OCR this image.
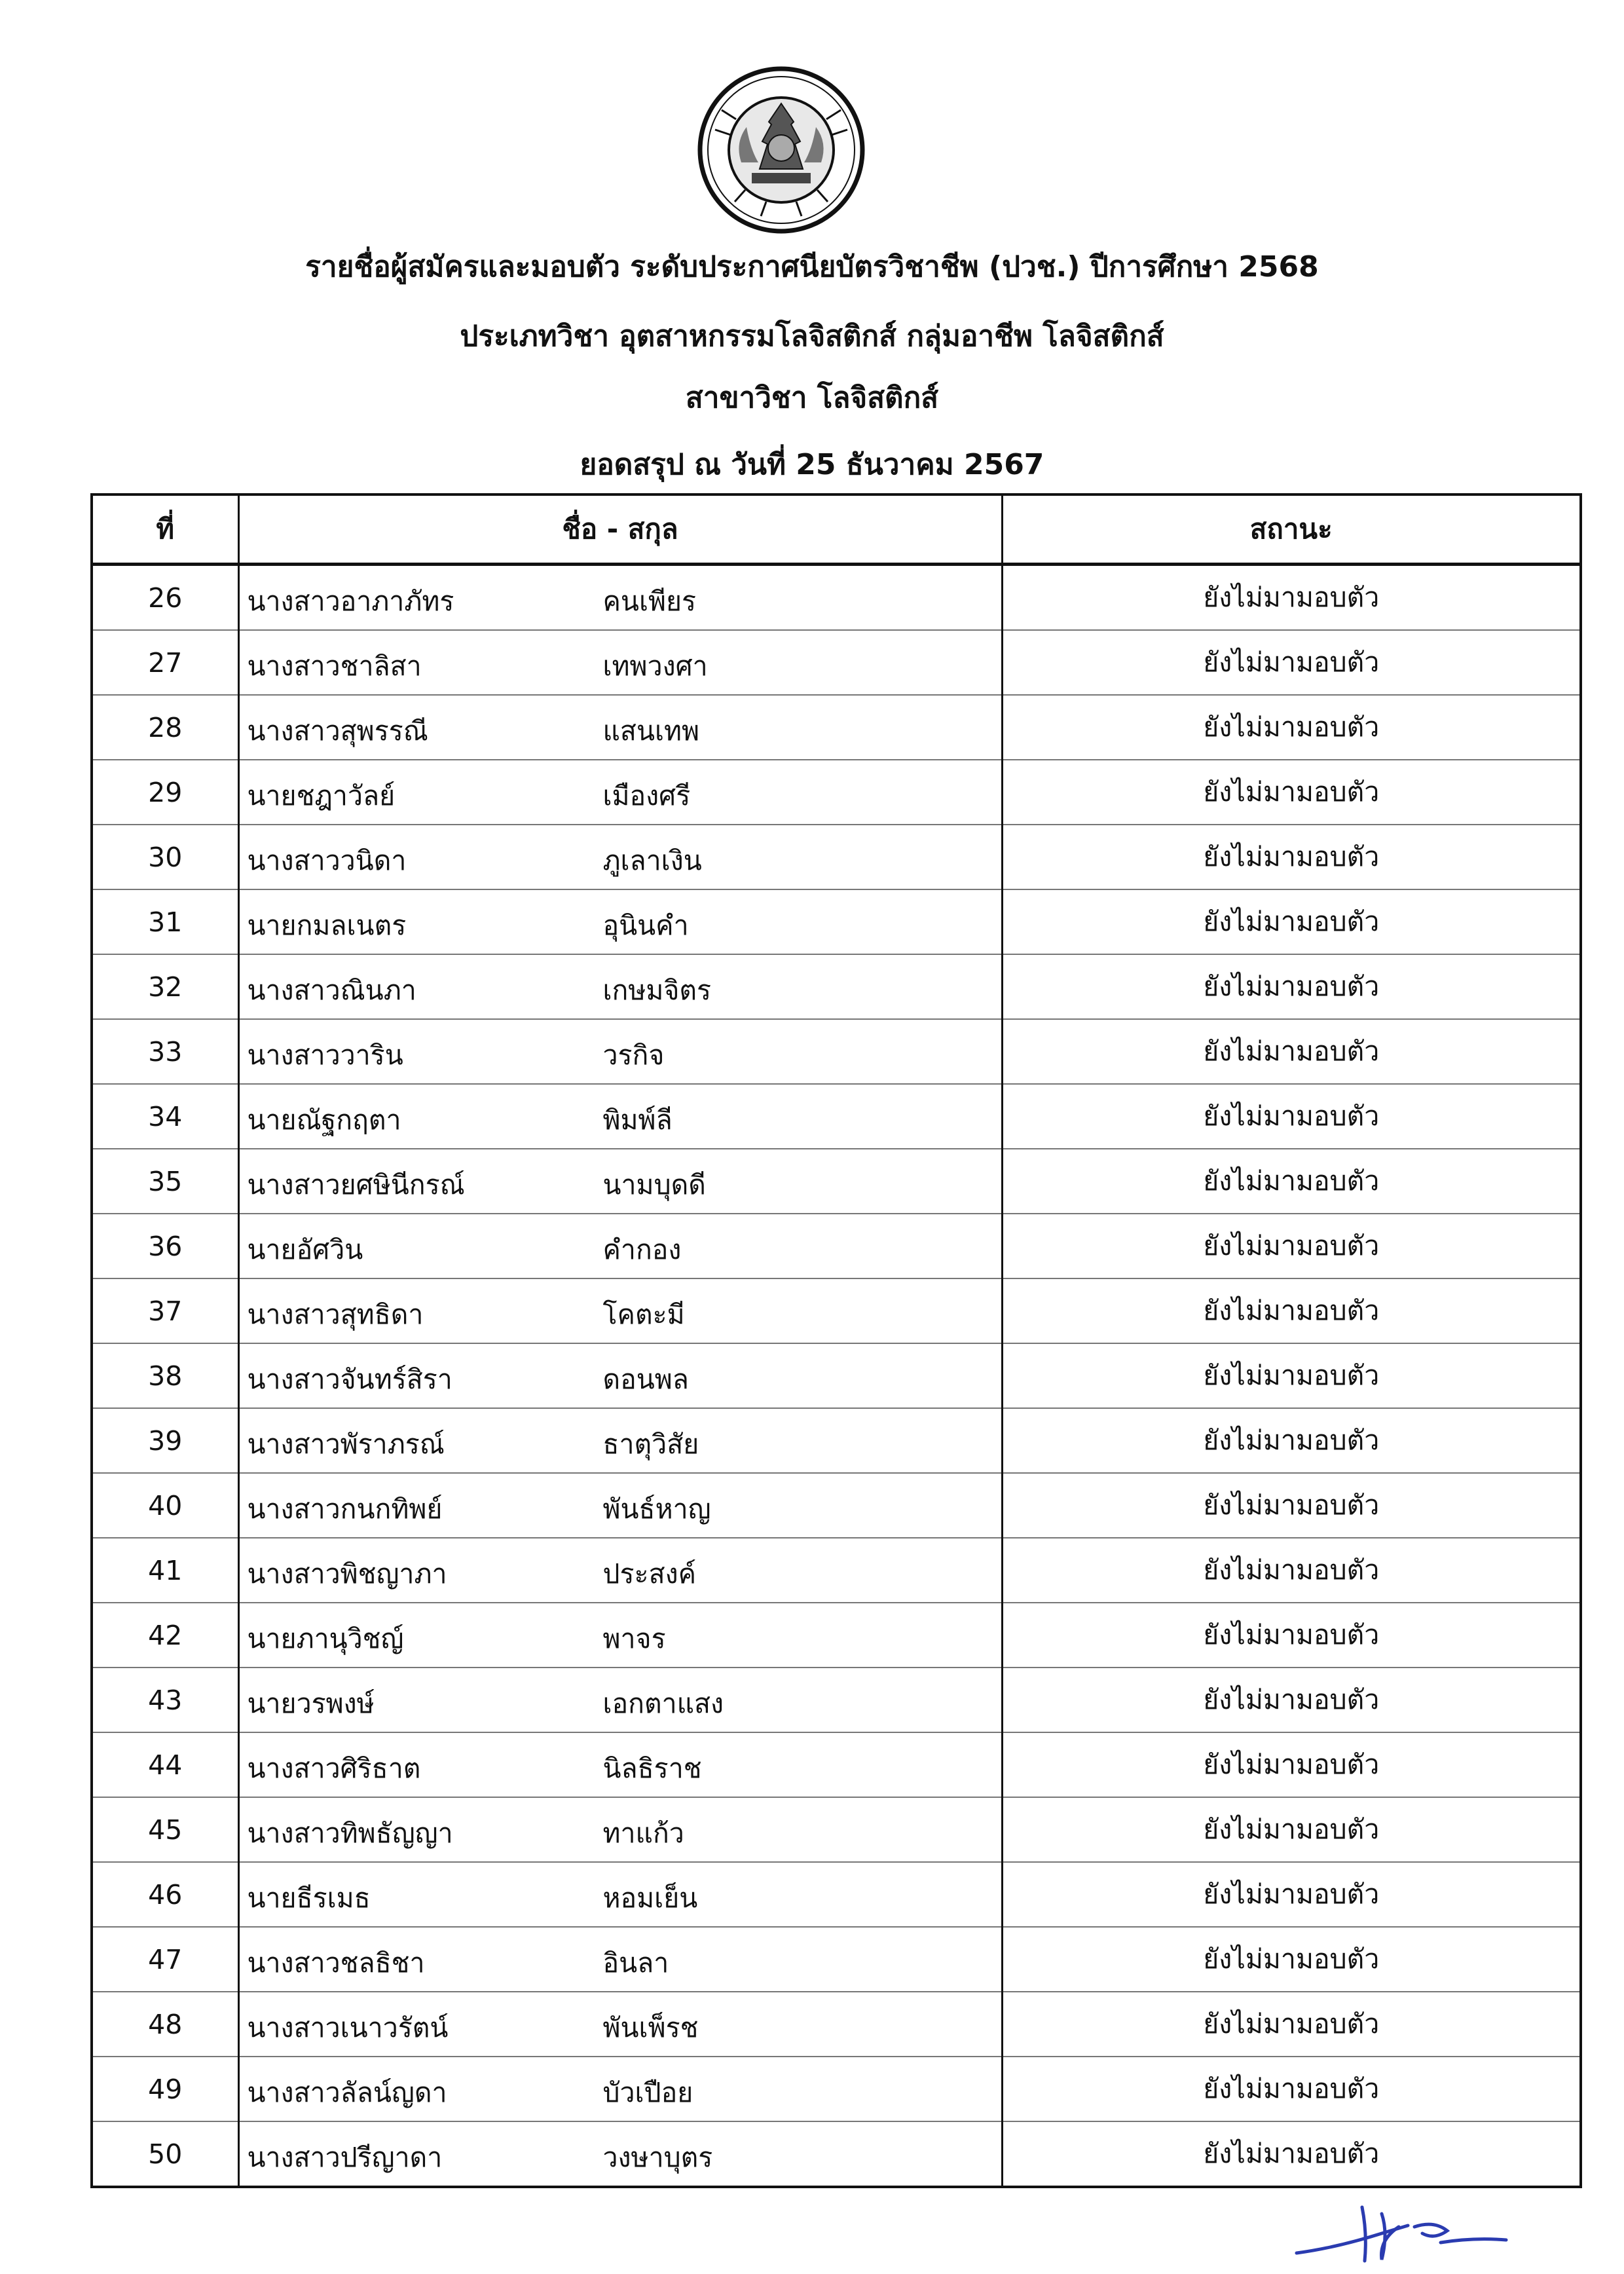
รายชื่อผู้สมัครและมอบตัว ระดับประกาศนียบัตรวิชาชีพ (ปวช.) ปีการศึกษา 2568
ประเภทวิชา อุตสาหกรรมโลจิสติกส์ กลุ่มอาชีพ โลจิสติกส์
สาขาวิชา โลจิสติกส์
ยอดสรุป ณ วันที่ 25 ธันวาคม 2567
ที่	ชื่อ - สกุล	สถานะ
26	นางสาวอาภาภัทร คนเพียร	ยังไม่มามอบตัว
27	นางสาวชาลิสา เทพวงศา	ยังไม่มามอบตัว
28	นางสาวสุพรรณี แสนเทพ	ยังไม่มามอบตัว
29	นายชฎาวัลย์ เมืองศรี	ยังไม่มามอบตัว
30	นางสาววนิดา ภูเลาเงิน	ยังไม่มามอบตัว
31	นายกมลเนตร อุนินคำ	ยังไม่มามอบตัว
32	นางสาวณินภา เกษมจิตร	ยังไม่มามอบตัว
33	นางสาววาริน วรกิจ	ยังไม่มามอบตัว
34	นายณัฐกฤตา พิมพ์ลี	ยังไม่มามอบตัว
35	นางสาวยศษินีกรณ์ นามบุดดี	ยังไม่มามอบตัว
36	นายอัศวิน คำกอง	ยังไม่มามอบตัว
37	นางสาวสุทธิดา โคตะมี	ยังไม่มามอบตัว
38	นางสาวจันทร์สิรา ดอนพล	ยังไม่มามอบตัว
39	นางสาวพัราภรณ์ ธาตุวิสัย	ยังไม่มามอบตัว
40	นางสาวกนกทิพย์ พันธ์หาญ	ยังไม่มามอบตัว
41	นางสาวพิชญาภา ประสงค์	ยังไม่มามอบตัว
42	นายภานุวิชญ์ พาจร	ยังไม่มามอบตัว
43	นายวรพงษ์ เอกตาแสง	ยังไม่มามอบตัว
44	นางสาวศิริธาต นิลธิราช	ยังไม่มามอบตัว
45	นางสาวทิพธัญญา ทาแก้ว	ยังไม่มามอบตัว
46	นายธีรเมธ หอมเย็น	ยังไม่มามอบตัว
47	นางสาวชลธิชา อินลา	ยังไม่มามอบตัว
48	นางสาวเนาวรัตน์ พันเพ็รช	ยังไม่มามอบตัว
49	นางสาวลัลน์ญดา บัวเปือย	ยังไม่มามอบตัว
50	นางสาวปรีญาดา วงษาบุตร	ยังไม่มามอบตัว
